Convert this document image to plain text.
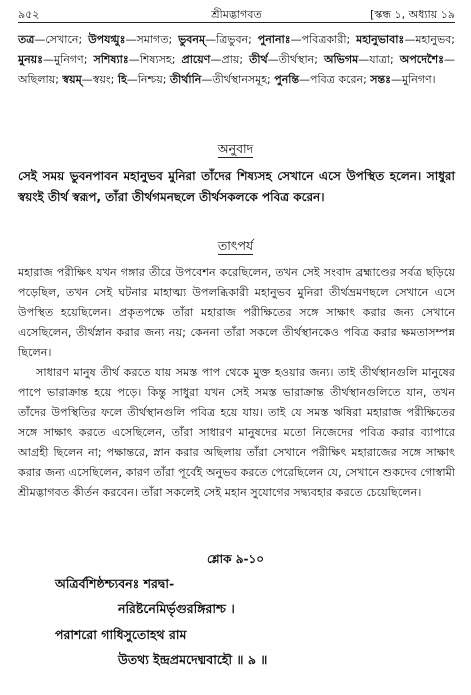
৯৫২	শ্রীমদ্ভাগবত	[স্কন্ধ ১, অধ্যায় ১৯
তত্র—সেখানে; উপযগ্মুঃ—সমাগত; ভুবনম্—ত্রিভুবন; পুনানাঃ—পবিত্রকারী; মহানুভাবাঃ—মহানুভব; মুনয়ঃ—মুনিগণ; সশিষ্যাঃ—শিষ্যসহ; প্রায়েণ—প্রায়; তীর্থ—তীর্থস্থান; অভিগম—যাত্রা; অপদেশৈঃ—অছিলায়; স্বয়ম্—স্বয়ং; হি—নিশ্চয়; তীর্থানি—তীর্থস্থানসমূহ; পুনন্তি—পবিত্র করেন; সন্তঃ—মুনিগণ।
অনুবাদ
সেই সময় ভুবনপাবন মহানুভব মুনিরা তাঁদের শিষ্যসহ সেখানে এসে উপস্থিত হলেন। সাধুরা স্বয়ংই তীর্থ স্বরূপ, তাঁরা তীর্থগমনছলে তীর্থসকলকে পবিত্র করেন।
তাৎপর্য

মহারাজ পরীক্ষিৎ যখন গঙ্গার তীরে উপবেশন করেছিলেন, তখন সেই সংবাদ ব্রহ্মাণ্ডের সর্বত্র ছড়িয়ে পড়েছিল, তখন সেই ঘটনার মাহাত্ম্য উপলব্ধিকারী মহানুভব মুনিরা তীর্থভ্রমণছলে সেখানে এসে উপস্থিত হয়েছিলেন। প্রকৃতপক্ষে তাঁরা মহারাজ পরীক্ষিতের সঙ্গে সাক্ষাৎ করার জন্য সেখানে এসেছিলেন, তীর্থস্নান করার জন্য নয়; কেননা তাঁরা সকলে তীর্থস্থানকেও পবিত্র করার ক্ষমতাসম্পন্ন ছিলেন।

সাধারণ মানুষ তীর্থ করতে যায় সমস্ত পাপ থেকে মুক্ত হওয়ার জন্য। তাই তীর্থস্থানগুলি মানুষের পাপে ভারাক্রান্ত হয়ে পড়ে। কিন্তু সাধুরা যখন সেই সমস্ত ভারাক্রান্ত তীর্থস্থানগুলিতে যান, তখন তাঁদের উপস্থিতির ফলে তীর্থস্থানগুলি পবিত্র হয়ে যায়। তাই যে সমস্ত ঋষিরা মহারাজ পরীক্ষিতের সঙ্গে সাক্ষাৎ করতে এসেছিলেন, তাঁরা সাধারণ মানুষদের মতো নিজেদের পবিত্র করার ব্যাপারে আগ্রহী ছিলেন না; পক্ষান্তরে, স্নান করার অছিলায় তাঁরা সেখানে পরীক্ষিৎ মহারাজের সঙ্গে সাক্ষাৎ করার জন্য এসেছিলেন, কারণ তাঁরা পূর্বেই অনুভব করতে পেরেছিলেন যে, সেখানে শুকদেব গোস্বামী শ্রীমদ্ভাগবত কীর্তন করবেন। তাঁরা সকলেই সেই মহান সুযোগের সদ্ব্যবহার করতে চেয়েছিলেন।

শ্লোক ৯-১০
অত্রির্বশিষ্ঠশ্চ্যবনঃ শরদ্বা-
নরিষ্টনেমির্ভৃগুরঙ্গিরাশ্চ ।
পরাশরো গাধিসুতোহথ রাম
উতথ্য ইন্দ্রপ্রমদেধ্মবাহৌ ॥ ৯ ॥
